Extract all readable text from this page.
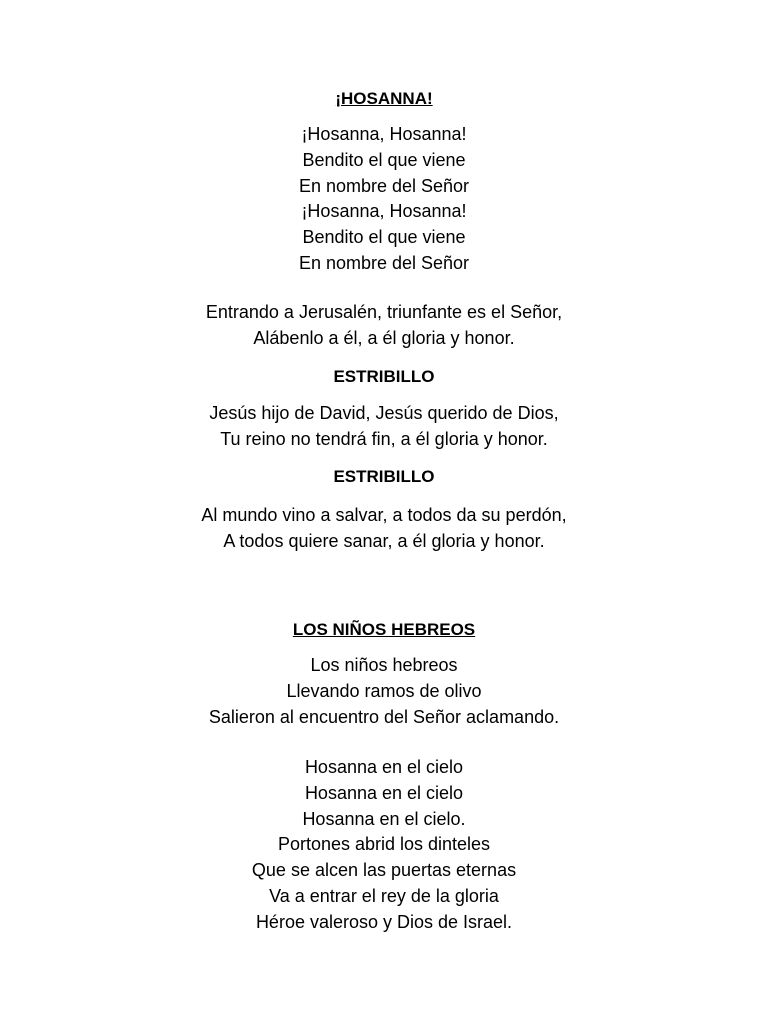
¡HOSANNA!
¡Hosanna, Hosanna!
Bendito el que viene
En nombre del Señor
¡Hosanna, Hosanna!
Bendito el que viene
En nombre del Señor
Entrando a Jerusalén, triunfante es el Señor,
Alábenlo a él, a él gloria y honor.

ESTRIBILLO

Jesús hijo de David, Jesús querido de Dios,
Tu reino no tendrá fin, a él gloria y honor.

ESTRIBILLO

Al mundo vino a salvar, a todos da su perdón,
A todos quiere sanar, a él gloria y honor.
LOS NIÑOS HEBREOS
Los niños hebreos
Llevando ramos de olivo
Salieron al encuentro del Señor aclamando.
Hosanna en el cielo
Hosanna en el cielo
Hosanna en el cielo.
Portones abrid los dinteles
Que se alcen las puertas eternas
Va a entrar el rey de la gloria
Héroe valeroso y Dios de Israel.
